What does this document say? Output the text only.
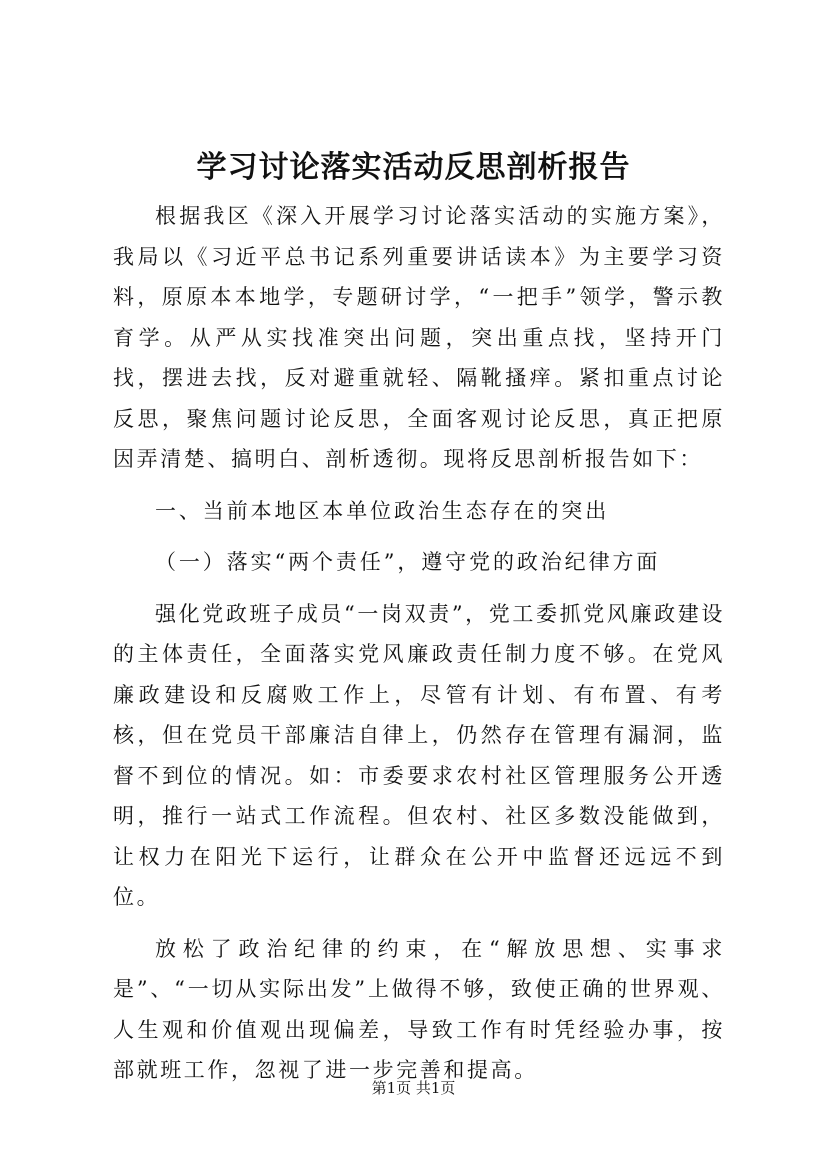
学习讨论落实活动反思剖析报告

根据我区《深入开展学习讨论落实活动的实施方案》，我局以《习近平总书记系列重要讲话读本》为主要学习资料，原原本本地学，专题研讨学，“一把手”领学，警示教育学。从严从实找准突出问题，突出重点找，坚持开门找，摆进去找，反对避重就轻、隔靴搔痒。紧扣重点讨论反思，聚焦问题讨论反思，全面客观讨论反思，真正把原因弄清楚、搞明白、剖析透彻。现将反思剖析报告如下：

一、当前本地区本单位政治生态存在的突出

（一）落实“两个责任”，遵守党的政治纪律方面

强化党政班子成员“一岗双责”，党工委抓党风廉政建设的主体责任，全面落实党风廉政责任制力度不够。在党风廉政建设和反腐败工作上，尽管有计划、有布置、有考核，但在党员干部廉洁自律上，仍然存在管理有漏洞，监督不到位的情况。如：市委要求农村社区管理服务公开透明，推行一站式工作流程。但农村、社区多数没能做到，让权力在阳光下运行，让群众在公开中监督还远远不到位。

放松了政治纪律的约束，在“解放思想、实事求是”、“一切从实际出发”上做得不够，致使正确的世界观、人生观和价值观出现偏差，导致工作有时凭经验办事，按部就班工作，忽视了进一步完善和提高。

第1页 共1页
